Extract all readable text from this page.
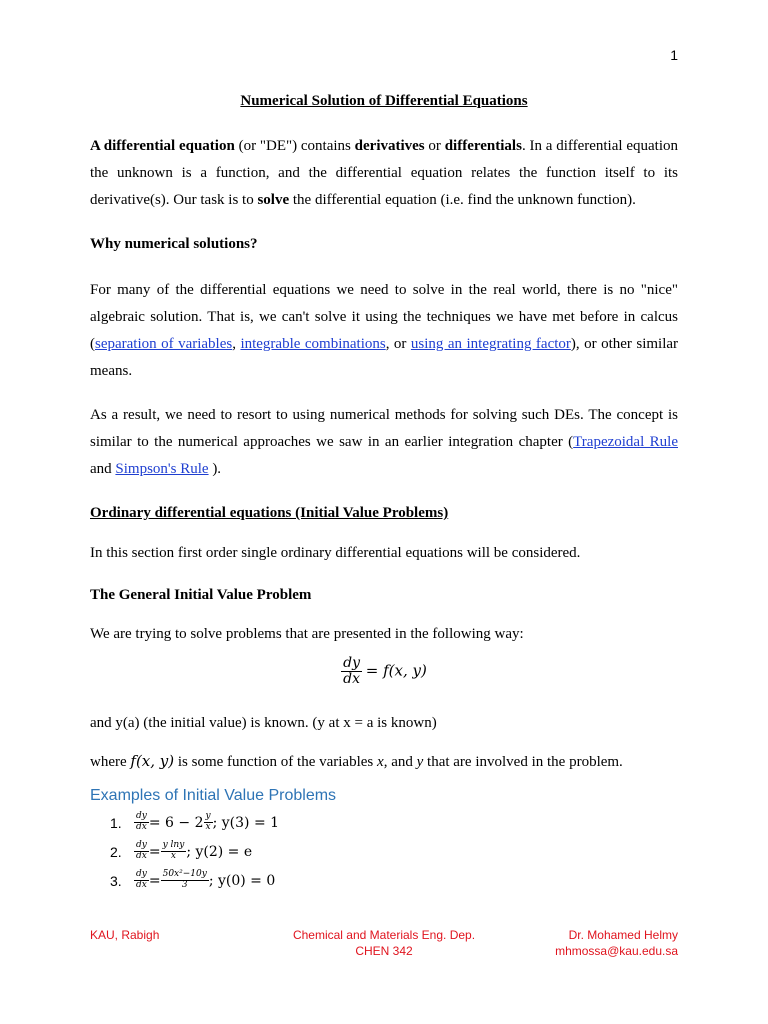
1
Numerical Solution of Differential Equations

A differential equation (or "DE") contains derivatives or differentials. In a differential equation the unknown is a function, and the differential equation relates the function itself to its derivative(s). Our task is to solve the differential equation (i.e. find the unknown function).

Why numerical solutions?

For many of the differential equations we need to solve in the real world, there is no "nice" algebraic solution. That is, we can't solve it using the techniques we have met before in calcus (separation of variables, integrable combinations, or using an integrating factor), or other similar means.

As a result, we need to resort to using numerical methods for solving such DEs. The concept is similar to the numerical approaches we saw in an earlier integration chapter (Trapezoidal Rule and Simpson's Rule ).

Ordinary differential equations (Initial Value Problems)

In this section first order single ordinary differential equations will be considered.

The General Initial Value Problem

We are trying to solve problems that are presented in the following way:

$\frac{dy}{dx} = f(x$, y)

and y(a) (the initial value) is known. (y at x = a is known)

where f(x, y) is some function of the variables x, and y that are involved in the problem.

Examples of Initial Value Problems

1.	$\frac{dy}{dx} = 6 - 2 \frac{y}{x}$ ; y(3) = 1
2.	$\frac{dy}{dx} = \frac{\text{y lny}}{x}$ ; y(2) = e
3.	$\frac{dy}{dx} = \frac{\text{50x²−10y}}{3}$ ; y(0) = 0
KAU, Rabigh	Chemical and Materials Eng. Dep.
CHEN 342
Dr. Mohamed Helmy
mhmossa@kau.edu.sa
